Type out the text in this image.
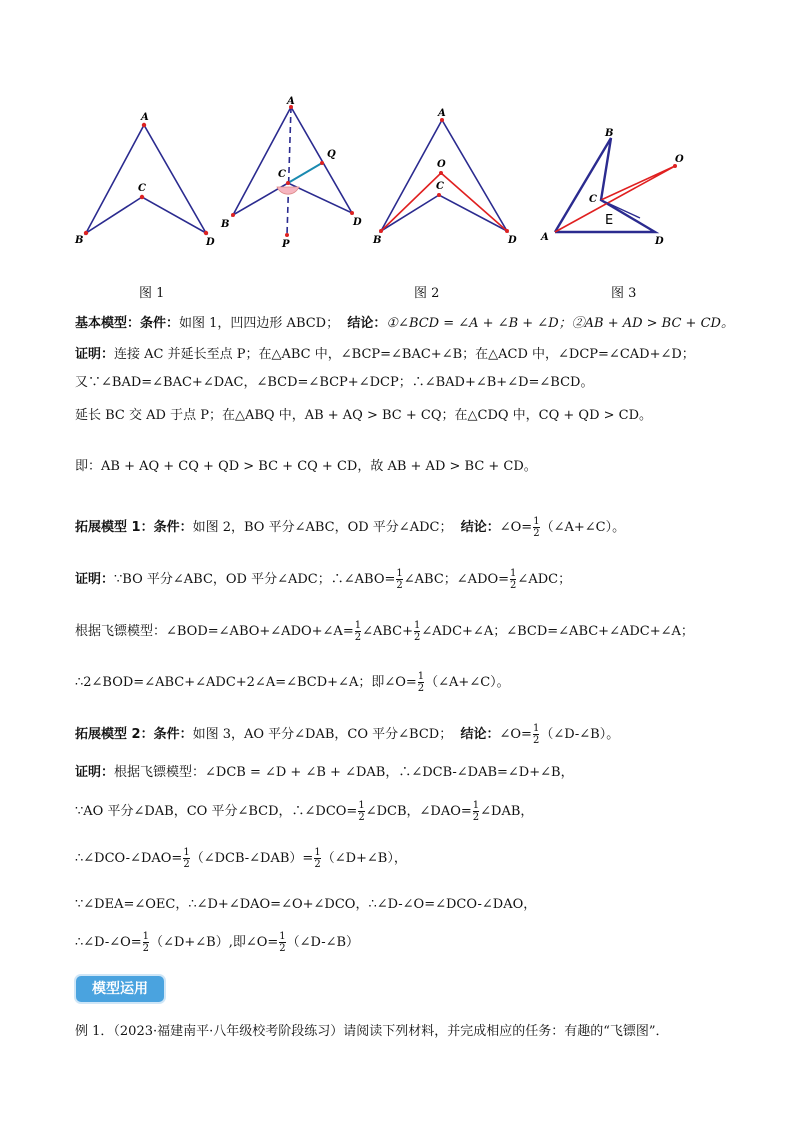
A
B
C
D
图 1
A
B
C
D
P
Q
A
B
C
D
O
图 2
A
B
C
D
O
E
图 3
基本模型：条件：如图 1，凹四边形 ABCD； 结论：①∠BCD = ∠A + ∠B + ∠D；②AB + AD > BC + CD。
证明：连接 AC 并延长至点 P；在△ABC 中，∠BCP=∠BAC+∠B；在△ACD 中，∠DCP=∠CAD+∠D；
又∵∠BAD=∠BAC+∠DAC，∠BCD=∠BCP+∠DCP；∴∠BAD+∠B+∠D=∠BCD。
延长 BC 交 AD 于点 P；在△ABQ 中，AB + AQ > BC + CQ；在△CDQ 中，CQ + QD > CD。
即：AB + AQ + CQ + QD > BC + CQ + CD，故 AB + AD > BC + CD。
拓展模型 1：条件：如图 2，BO 平分∠ABC，OD 平分∠ADC； 结论：∠O= $\frac{1}{2}$ （∠A+∠C）。
证明：∵BO 平分∠ABC，OD 平分∠ADC；∴∠ABO= $\frac{1}{2}$ ∠ABC；∠ADO= $\frac{1}{2}$ ∠ADC；
根据飞镖模型：∠BOD=∠ABO+∠ADO+∠A= $\frac{1}{2}$ ∠ABC+ $\frac{1}{2}$ ∠ADC+∠A；∠BCD=∠ABC+∠ADC+∠A；
∴2∠BOD=∠ABC+∠ADC+2∠A=∠BCD+∠A；即∠O= $\frac{1}{2}$ （∠A+∠C）。
拓展模型 2：条件：如图 3，AO 平分∠DAB，CO 平分∠BCD； 结论：∠O= $\frac{1}{2}$ （∠D-∠B）。
证明：根据飞镖模型：∠DCB = ∠D + ∠B + ∠DAB，∴∠DCB-∠DAB=∠D+∠B，
∵AO 平分∠DAB，CO 平分∠BCD，∴∠DCO= $\frac{1}{2}$ ∠DCB，∠DAO= $\frac{1}{2}$ ∠DAB，
∴∠DCO-∠DAO= $\frac{1}{2}$ （∠DCB-∠DAB）= $\frac{1}{2}$ （∠D+∠B），
∵∠DEA=∠OEC，∴∠D+∠DAO=∠O+∠DCO，∴∠D-∠O=∠DCO-∠DAO，
∴∠D-∠O= $\frac{1}{2}$ （∠D+∠B）,即∠O= $\frac{1}{2}$ （∠D-∠B）
模型运用
例 1．（2023·福建南平·八年级校考阶段练习）请阅读下列材料，并完成相应的任务：有趣的“飞镖图”．
